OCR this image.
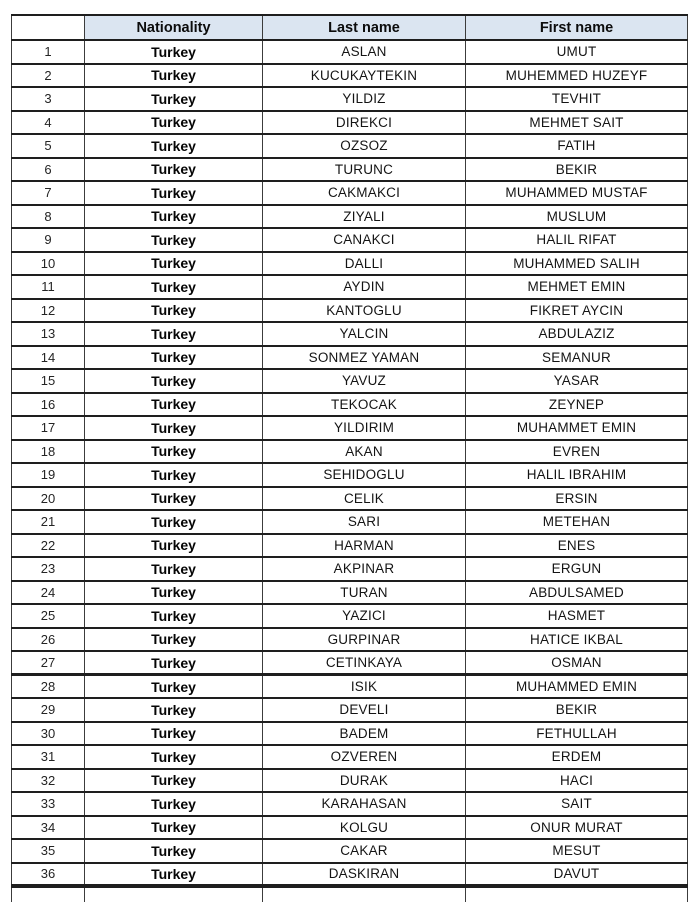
	Nationality	Last name	First name
1	Turkey	ASLAN	UMUT
2	Turkey	KUCUKAYTEKIN	MUHEMMED HUZEYF
3	Turkey	YILDIZ	TEVHIT
4	Turkey	DIREKCI	MEHMET SAIT
5	Turkey	OZSOZ	FATIH
6	Turkey	TURUNC	BEKIR
7	Turkey	CAKMAKCI	MUHAMMED MUSTAF
8	Turkey	ZIYALI	MUSLUM
9	Turkey	CANAKCI	HALIL RIFAT
10	Turkey	DALLI	MUHAMMED SALIH
11	Turkey	AYDIN	MEHMET EMIN
12	Turkey	KANTOGLU	FIKRET AYCIN
13	Turkey	YALCIN	ABDULAZIZ
14	Turkey	SONMEZ YAMAN	SEMANUR
15	Turkey	YAVUZ	YASAR
16	Turkey	TEKOCAK	ZEYNEP
17	Turkey	YILDIRIM	MUHAMMET EMIN
18	Turkey	AKAN	EVREN
19	Turkey	SEHIDOGLU	HALIL IBRAHIM
20	Turkey	CELIK	ERSIN
21	Turkey	SARI	METEHAN
22	Turkey	HARMAN	ENES
23	Turkey	AKPINAR	ERGUN
24	Turkey	TURAN	ABDULSAMED
25	Turkey	YAZICI	HASMET
26	Turkey	GURPINAR	HATICE IKBAL
27	Turkey	CETINKAYA	OSMAN
28	Turkey	ISIK	MUHAMMED EMIN
29	Turkey	DEVELI	BEKIR
30	Turkey	BADEM	FETHULLAH
31	Turkey	OZVEREN	ERDEM
32	Turkey	DURAK	HACI
33	Turkey	KARAHASAN	SAIT
34	Turkey	KOLGU	ONUR MURAT
35	Turkey	CAKAR	MESUT
36	Turkey	DASKIRAN	DAVUT
